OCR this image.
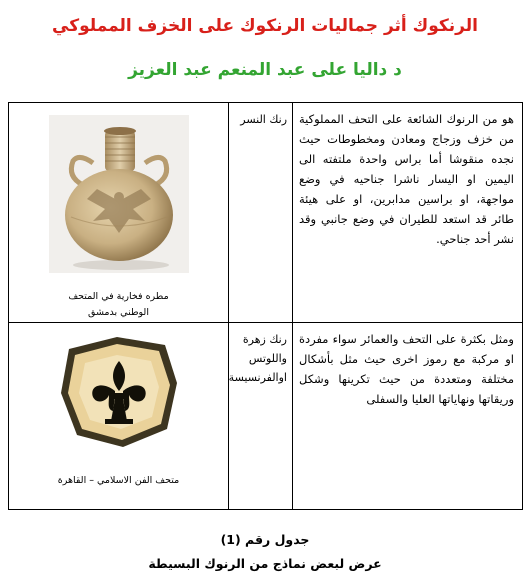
الرنكوك أثر جماليات الرنكوك على الخزف المملوكي
د داليا على عبد المنعم عبد العزيز
هو من الرنوك الشائعة على التحف المملوكية من خزف وزجاج ومعادن ومخطوطات حيث نجده منقوشا أما براس واحدة ملتفته الى اليمين او اليسار ناشرا جناحيه في وضع مواجهة، او براسين مدابرين، او على هيئة طائر قد استعد للطيران في وضع جانبي وقد نشر أحد جناحي.	رنك النسر	مطره فخارية في المتحف
الوطني بدمشق

ومثل بكثرة على التحف والعمائر سواء مفردة او مركبة مع رموز اخرى حيث مثل بأشكال مختلفة ومتعددة من حيث تكرينها وشكل وريقاتها ونهاياتها العليا والسفلى	رنك زهرة واللوتس اوالفرنسيسة	متحف الفن الاسلامي – القاهرة
جدول رقم (1)
عرض لبعض نماذج من الرنوك البسيطة
